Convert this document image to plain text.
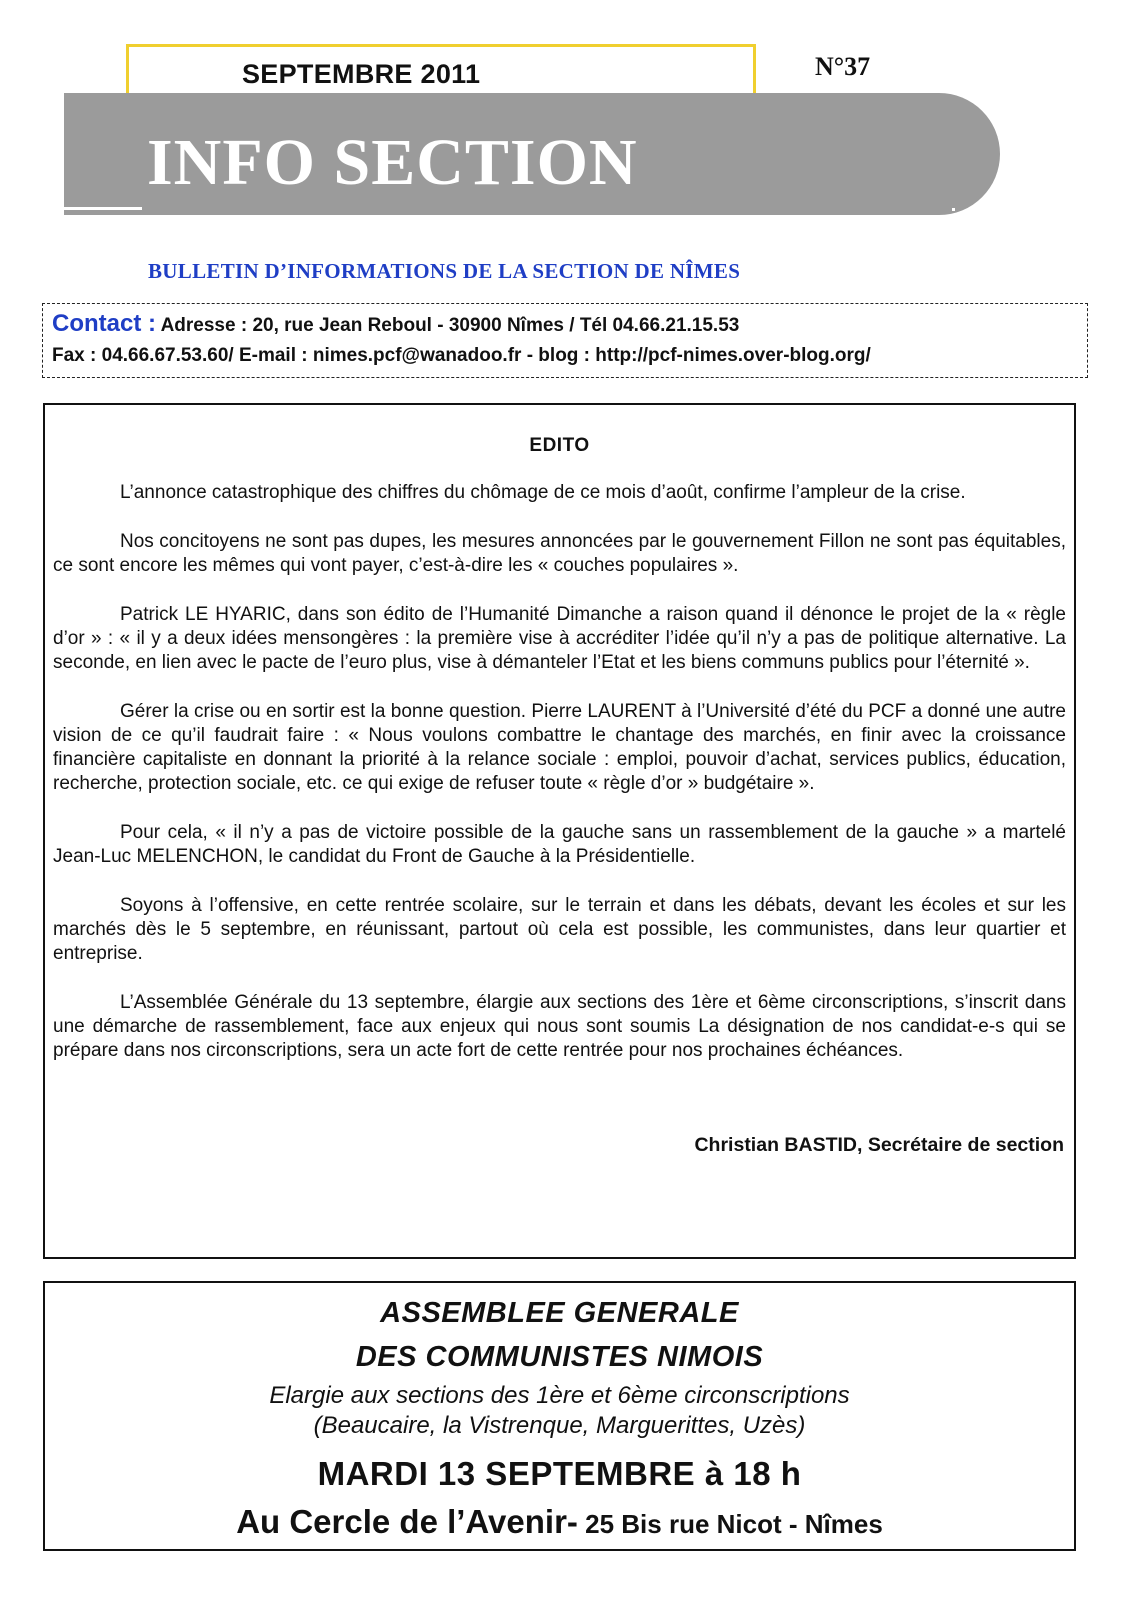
SEPTEMBRE 2011	N°37
INFO SECTION
BULLETIN D’INFORMATIONS DE LA SECTION DE NÎMES
Contact : Adresse : 20, rue Jean Reboul - 30900 Nîmes / Tél 04.66.21.15.53
Fax : 04.66.67.53.60/ E-mail : nimes.pcf@wanadoo.fr - blog : http://pcf-nimes.over-blog.org/
EDITO

L’annonce catastrophique des chiffres du chômage de ce mois d’août, confirme l’ampleur de la crise.

Nos concitoyens ne sont pas dupes, les mesures annoncées par le gouvernement Fillon ne sont pas équitables, ce sont encore les mêmes qui vont payer, c’est-à-dire les « couches populaires ».

Patrick LE HYARIC, dans son édito de l’Humanité Dimanche a raison quand il dénonce le projet de la « règle d’or » : « il y a deux idées mensongères : la première vise à accréditer l’idée qu’il n’y a pas de politique alternative. La seconde, en lien avec le pacte de l’euro plus, vise à démanteler l’Etat et les biens communs publics pour l’éternité ».

Gérer la crise ou en sortir est la bonne question. Pierre LAURENT à l’Université d’été du PCF a donné une autre vision de ce qu’il faudrait faire : « Nous voulons combattre le chantage des marchés, en finir avec la croissance financière capitaliste en donnant la priorité à la relance sociale : emploi, pouvoir d’achat, services publics, éducation, recherche, protection sociale, etc. ce qui exige de refuser toute « règle d’or » budgétaire ».

Pour cela, « il n’y a pas de victoire possible de la gauche sans un rassemblement de la gauche » a martelé Jean-Luc MELENCHON, le candidat du Front de Gauche à la Présidentielle.

Soyons à l’offensive, en cette rentrée scolaire, sur le terrain et dans les débats, devant les écoles et sur les marchés dès le 5 septembre, en réunissant, partout où cela est possible, les communistes, dans leur quartier et entreprise.

L’Assemblée Générale du 13 septembre, élargie aux sections des 1ère et 6ème circonscriptions, s’inscrit dans une démarche de rassemblement, face aux enjeux qui nous sont soumis La désignation de nos candidat-e-s qui se prépare dans nos circonscriptions, sera un acte fort de cette rentrée pour nos prochaines échéances.

Christian BASTID, Secrétaire de section
ASSEMBLEE GENERALE
DES COMMUNISTES NIMOIS
Elargie aux sections des 1ère et 6ème circonscriptions
(Beaucaire, la Vistrenque, Marguerittes, Uzès)
MARDI 13 SEPTEMBRE à 18 h
Au Cercle de l’Avenir- 25 Bis rue Nicot - Nîmes
